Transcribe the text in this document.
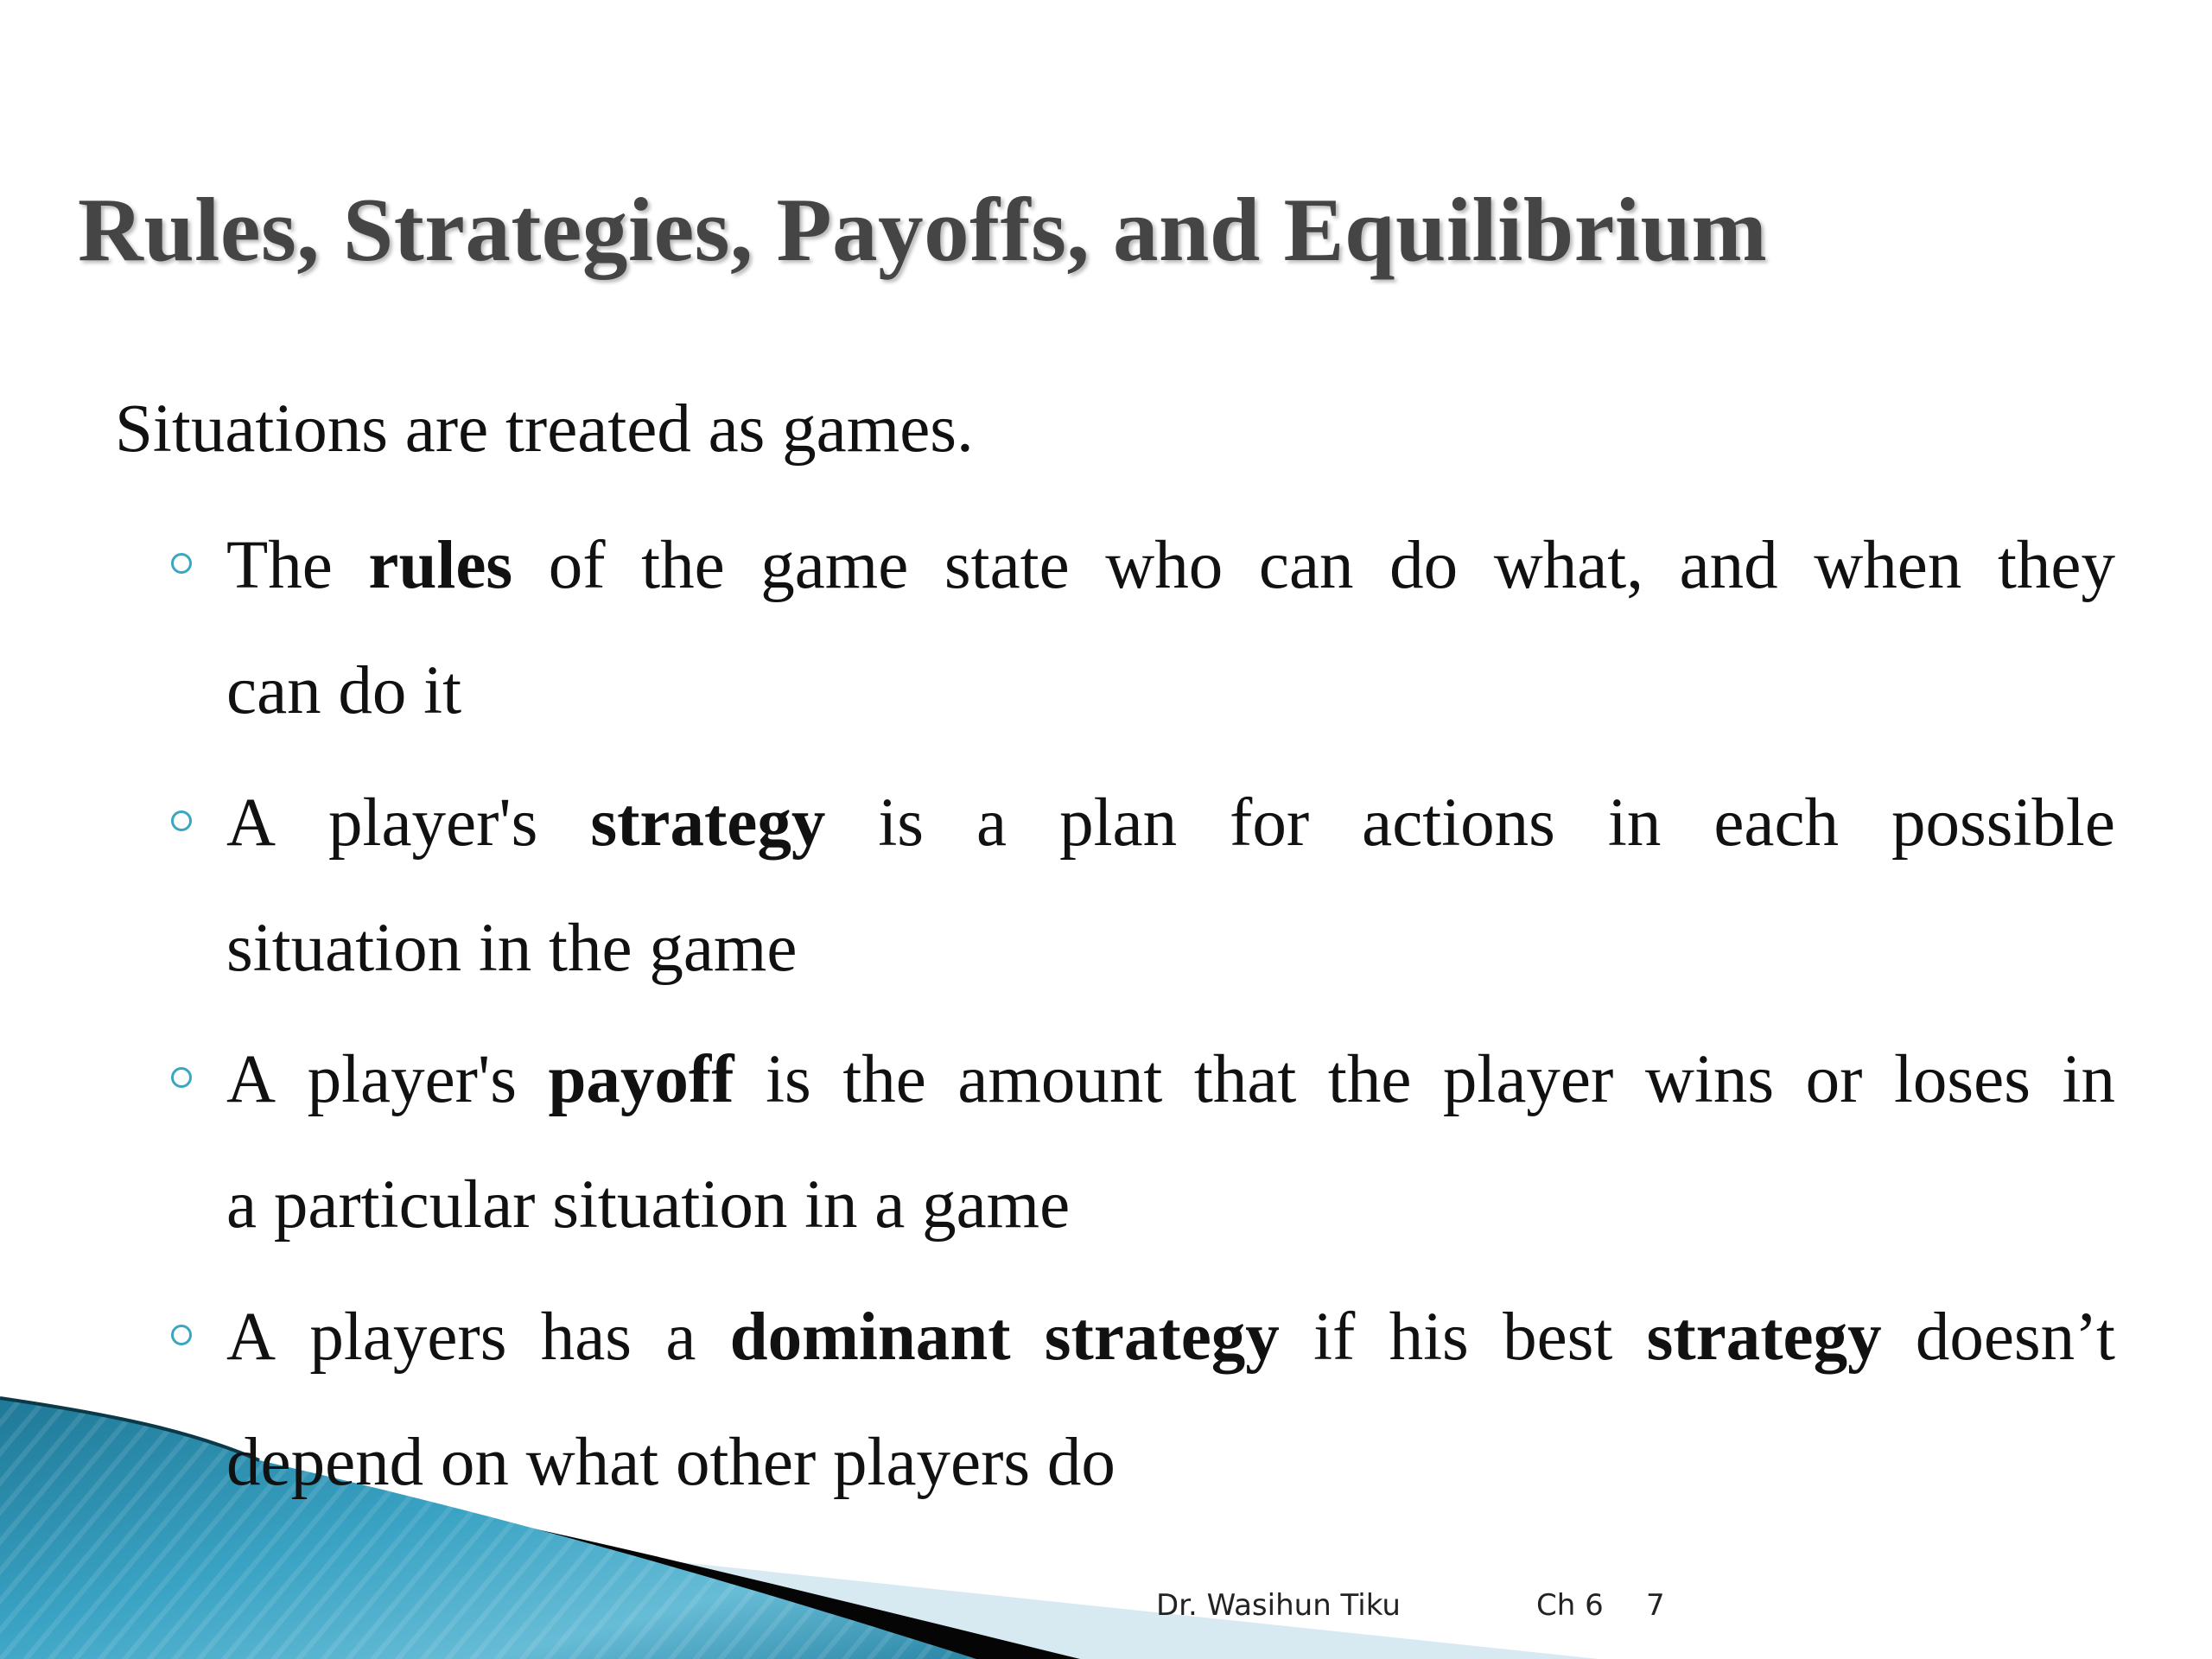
Rules, Strategies, Payoffs, and Equilibrium

Situations are treated as games.

The rules of the game state who can do what, and when they
can do it
A player's strategy is a plan for actions in each possible
situation in the game
A player's payoff is the amount that the player wins or loses in
a particular situation in a game
A players has a dominant strategy if his best strategy doesn’t
depend on what other players do
Dr. Wasihun Tiku	Ch 6 7
